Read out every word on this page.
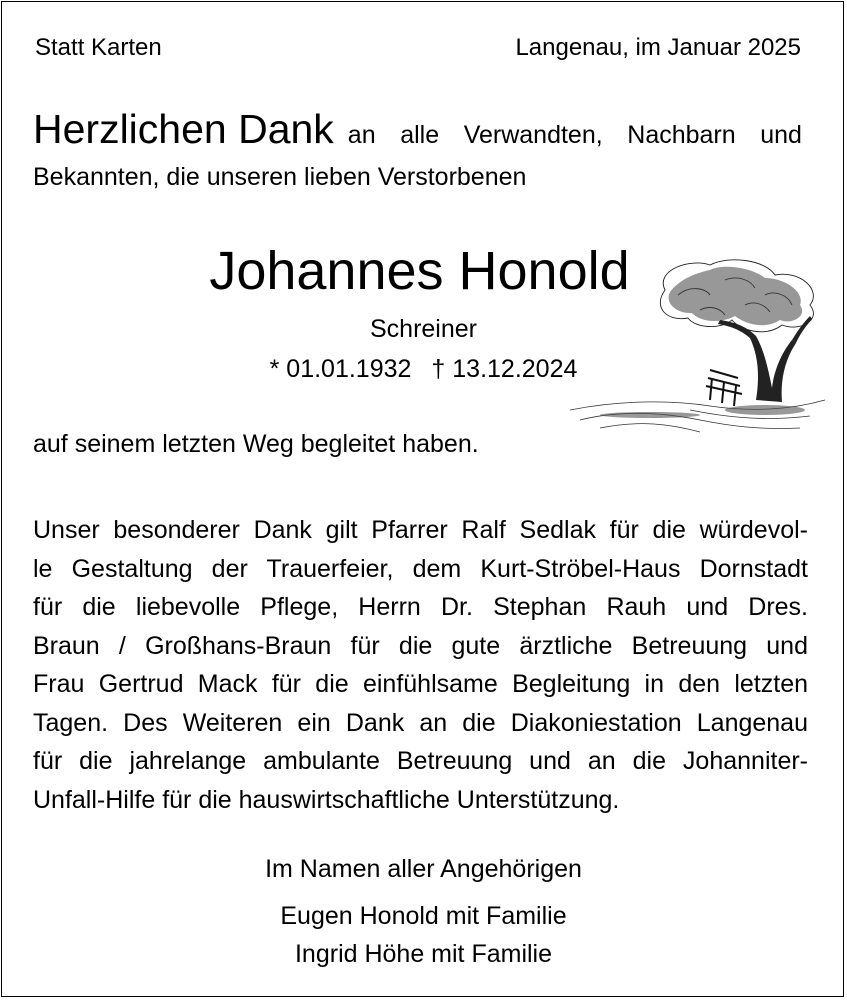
Statt Karten	Langenau, im Januar 2025
Herzlichen Dank an alle Verwandten, Nachbarn und
Bekannten, die unseren lieben Verstorbenen
Johannes Honold
Schreiner
* 01.01.1932 † 13.12.2024
auf seinem letzten Weg begleitet haben.
Unser besonderer Dank gilt Pfarrer Ralf Sedlak für die würdevol-
le Gestaltung der Trauerfeier, dem Kurt-Ströbel-Haus Dornstadt
für die liebevolle Pflege, Herrn Dr. Stephan Rauh und Dres.
Braun / Großhans-Braun für die gute ärztliche Betreuung und
Frau Gertrud Mack für die einfühlsame Begleitung in den letzten
Tagen. Des Weiteren ein Dank an die Diakoniestation Langenau
für die jahrelange ambulante Betreuung und an die Johanniter-
Unfall-Hilfe für die hauswirtschaftliche Unterstützung.
Im Namen aller Angehörigen
Eugen Honold mit Familie
Ingrid Höhe mit Familie
